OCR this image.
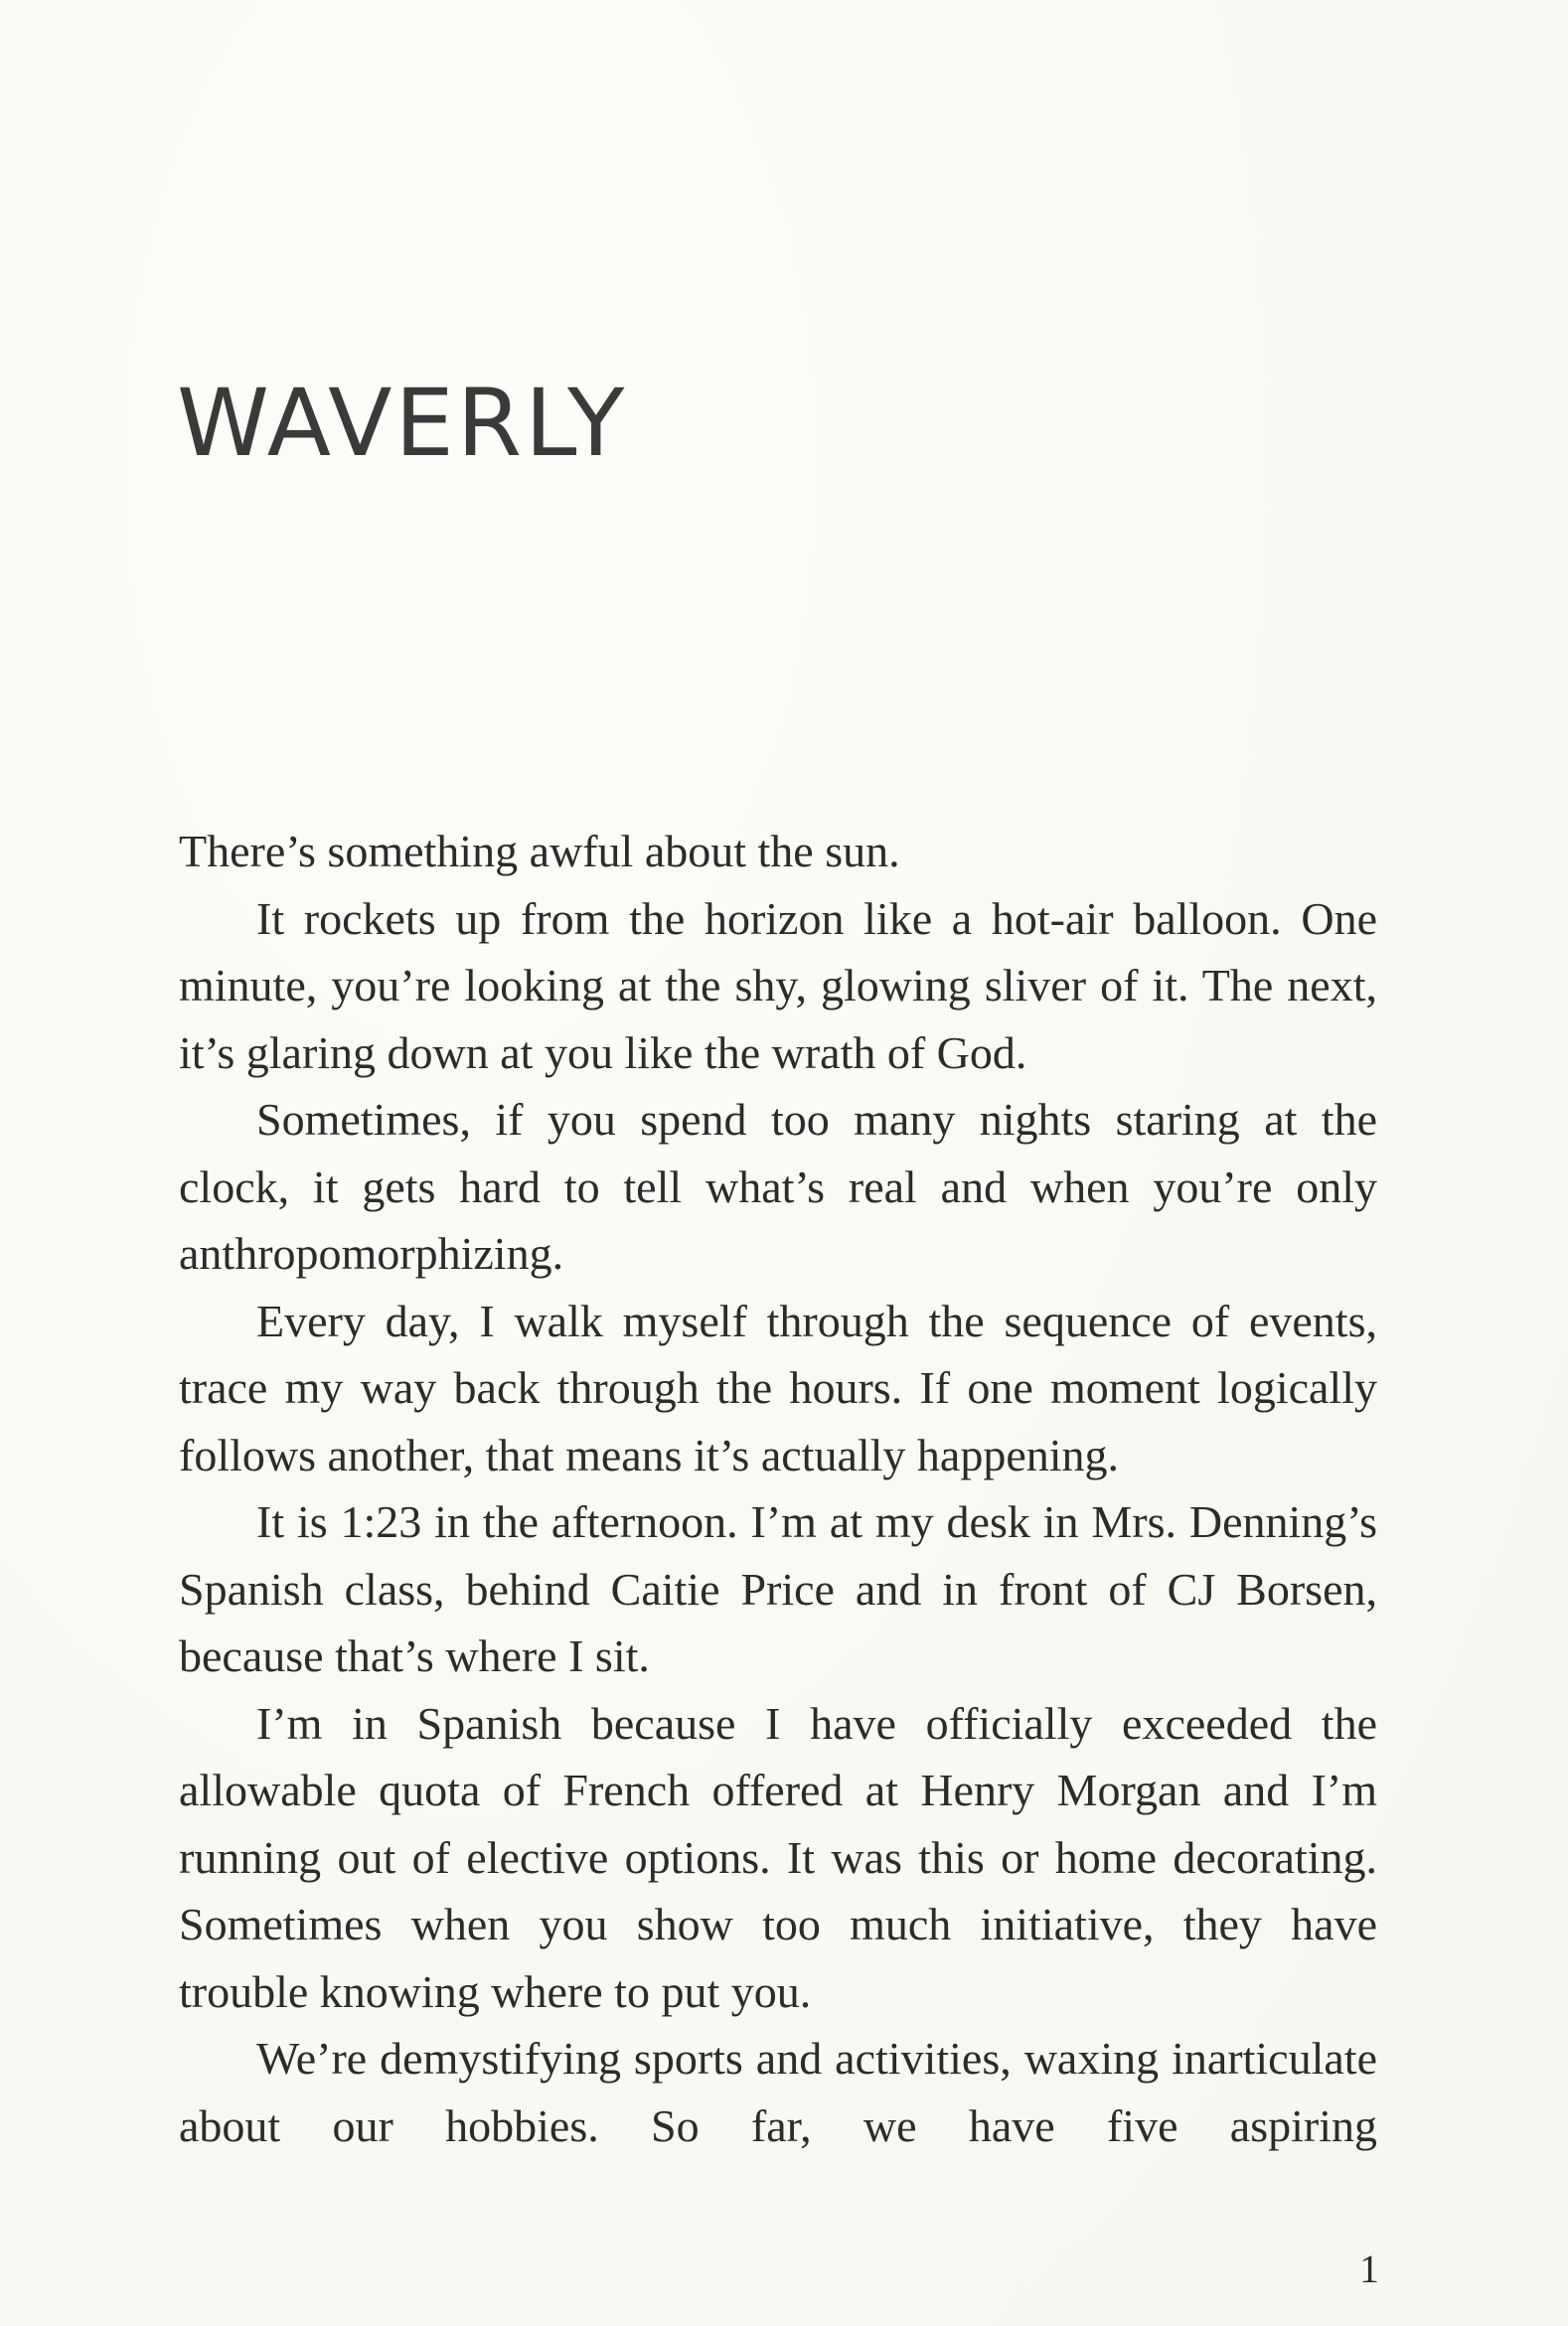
WAVERLY

There’s something awful about the sun.

It rockets up from the horizon like a hot-air balloon. One minute, you’re looking at the shy, glowing sliver of it. The next, it’s glaring down at you like the wrath of God.

Sometimes, if you spend too many nights staring at the clock, it gets hard to tell what’s real and when you’re only anthropomorphizing.

Every day, I walk myself through the sequence of events, trace my way back through the hours. If one moment logically follows another, that means it’s actually happening.

It is 1:23 in the afternoon. I’m at my desk in Mrs. Denning’s Spanish class, behind Caitie Price and in front of CJ Borsen, because that’s where I sit.

I’m in Spanish because I have officially exceeded the allowable quota of French offered at Henry Morgan and I’m running out of elective options. It was this or home decorating. Sometimes when you show too much initiative, they have trouble knowing where to put you.

We’re demystifying sports and activities, waxing inarticulate about our hobbies. So far, we have five aspiring

1
